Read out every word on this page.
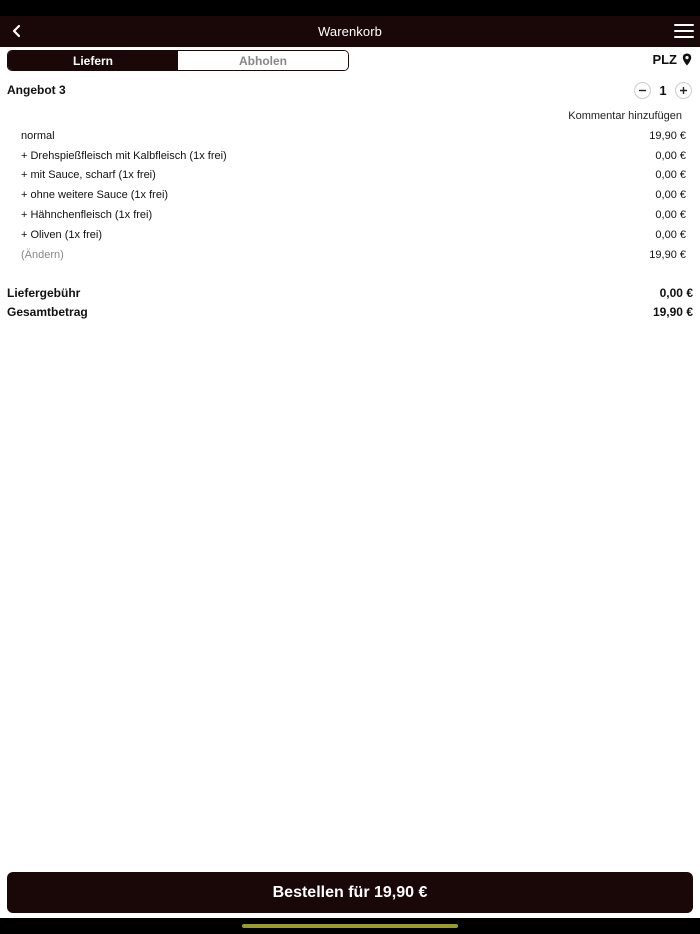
Warenkorb
Liefern	Abholen	PLZ
Angebot 3	1
Kommentar hinzufügen
normal	19,90 €
+ Drehspießfleisch mit Kalbfleisch (1x frei)	0,00 €
+ mit Sauce, scharf (1x frei)	0,00 €
+ ohne weitere Sauce (1x frei)	0,00 €
+ Hähnchenfleisch (1x frei)	0,00 €
+ Oliven (1x frei)	0,00 €
(Ändern)	19,90 €
Liefergebühr	0,00 €
Gesamtbetrag	19,90 €
Bestellen für 19,90 €
